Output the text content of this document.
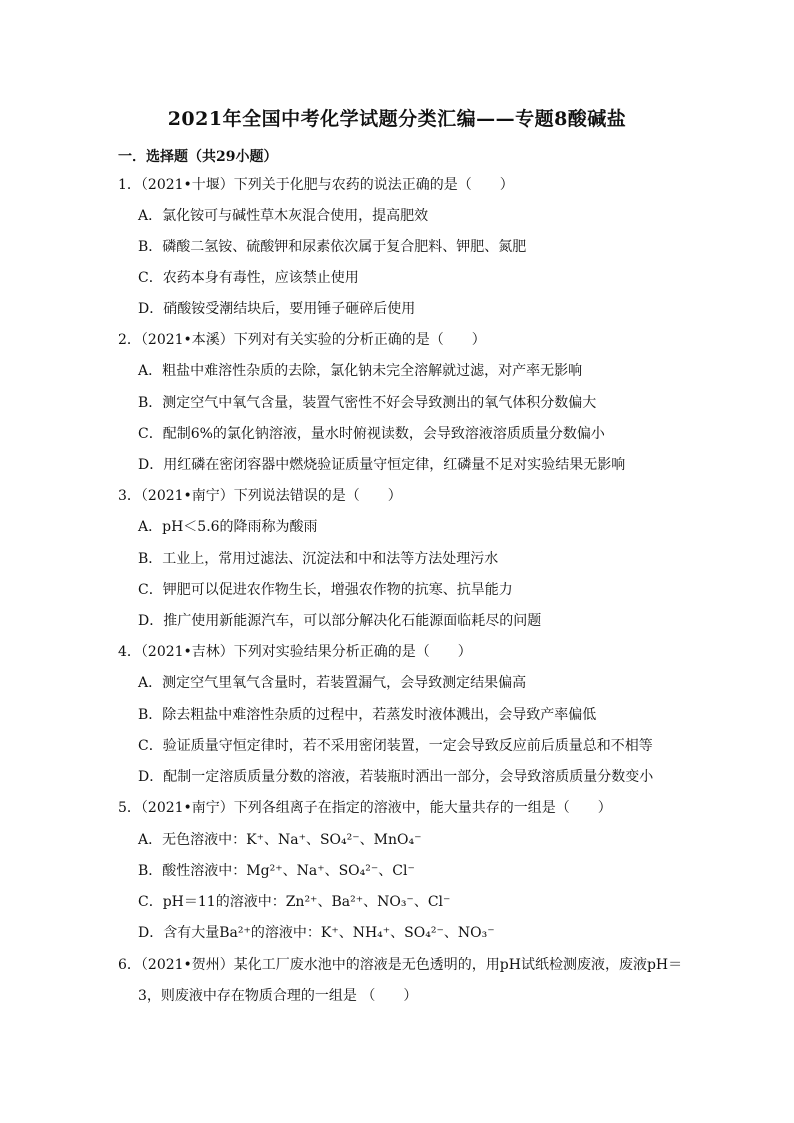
2021年全国中考化学试题分类汇编——专题8酸碱盐
一．选择题（共29小题）
1．（2021•十堰）下列关于化肥与农药的说法正确的是（　　）
A．氯化铵可与碱性草木灰混合使用，提高肥效
B．磷酸二氢铵、硫酸钾和尿素依次属于复合肥料、钾肥、氮肥
C．农药本身有毒性，应该禁止使用
D．硝酸铵受潮结块后，要用锤子砸碎后使用
2．（2021•本溪）下列对有关实验的分析正确的是（　　）
A．粗盐中难溶性杂质的去除，氯化钠未完全溶解就过滤，对产率无影响
B．测定空气中氧气含量，装置气密性不好会导致测出的氧气体积分数偏大
C．配制6%的氯化钠溶液，量水时俯视读数，会导致溶液溶质质量分数偏小
D．用红磷在密闭容器中燃烧验证质量守恒定律，红磷量不足对实验结果无影响
3．（2021•南宁）下列说法错误的是（　　）
A．pH＜5.6的降雨称为酸雨
B．工业上，常用过滤法、沉淀法和中和法等方法处理污水
C．钾肥可以促进农作物生长，增强农作物的抗寒、抗旱能力
D．推广使用新能源汽车，可以部分解决化石能源面临耗尽的问题
4．（2021•吉林）下列对实验结果分析正确的是（　　）
A．测定空气里氧气含量时，若装置漏气，会导致测定结果偏高
B．除去粗盐中难溶性杂质的过程中，若蒸发时液体溅出，会导致产率偏低
C．验证质量守恒定律时，若不采用密闭装置，一定会导致反应前后质量总和不相等
D．配制一定溶质质量分数的溶液，若装瓶时洒出一部分，会导致溶质质量分数变小
5．（2021•南宁）下列各组离子在指定的溶液中，能大量共存的一组是（　　）
A．无色溶液中：K⁺、Na⁺、SO₄²⁻、MnO₄⁻
B．酸性溶液中：Mg²⁺、Na⁺、SO₄²⁻、Cl⁻
C．pH＝11的溶液中：Zn²⁺、Ba²⁺、NO₃⁻、Cl⁻
D．含有大量Ba²⁺的溶液中：K⁺、NH₄⁺、SO₄²⁻、NO₃⁻
6．（2021•贺州）某化工厂废水池中的溶液是无色透明的，用pH试纸检测废液，废液pH＝
3，则废液中存在物质合理的一组是 （　　）
